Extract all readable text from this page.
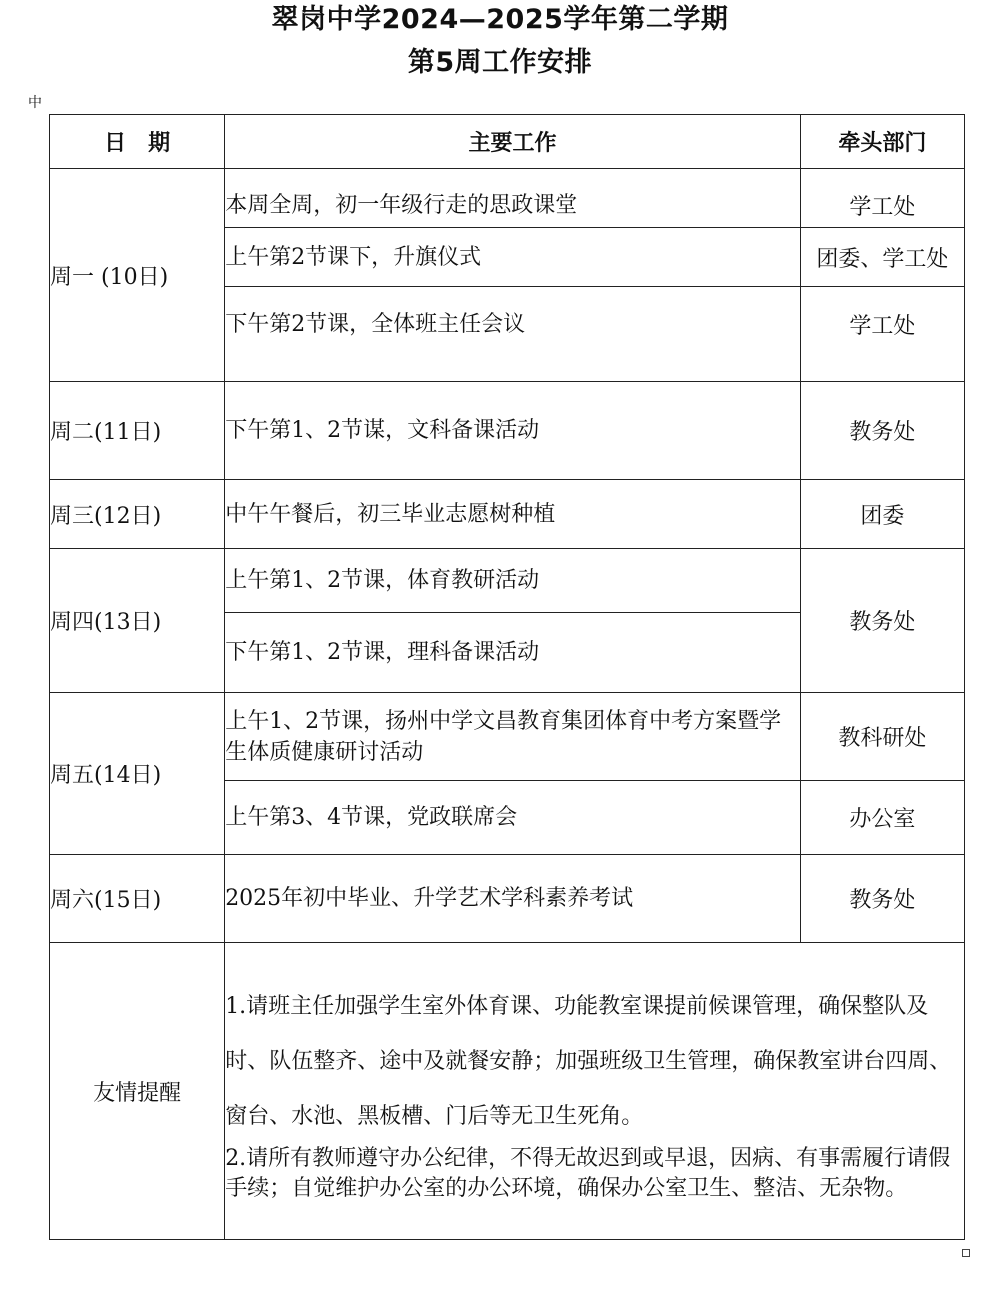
翠岗中学2024—2025学年第二学期
第5周工作安排
中
日　期	主要工作	牵头部门
周一 (10日)	本周全周，初一年级行走的思政课堂	学工处
	上午第2节课下，升旗仪式	团委、学工处
	下午第2节课，全体班主任会议	学工处
周二(11日)	下午第1、2节谋，文科备课活动	教务处
周三(12日)	中午午餐后，初三毕业志愿树种植	团委
周四(13日)	上午第1、2节课，体育教研活动	教务处
	下午第1、2节课，理科备课活动	
周五(14日)	上午1、2节课，扬州中学文昌教育集团体育中考方案暨学生体质健康研讨活动	教科研处
	上午第3、4节课，党政联席会	办公室
周六(15日)	2025年初中毕业、升学艺术学科素养考试	教务处
友情提醒	1.请班主任加强学生室外体育课、功能教室课提前候课管理，确保整队及时、队伍整齐、途中及就餐安静；加强班级卫生管理，确保教室讲台四周、窗台、水池、黑板槽、门后等无卫生死角。

2.请所有教师遵守办公纪律，不得无故迟到或早退，因病、有事需履行请假手续；自觉维护办公室的办公环境，确保办公室卫生、整洁、无杂物。	
